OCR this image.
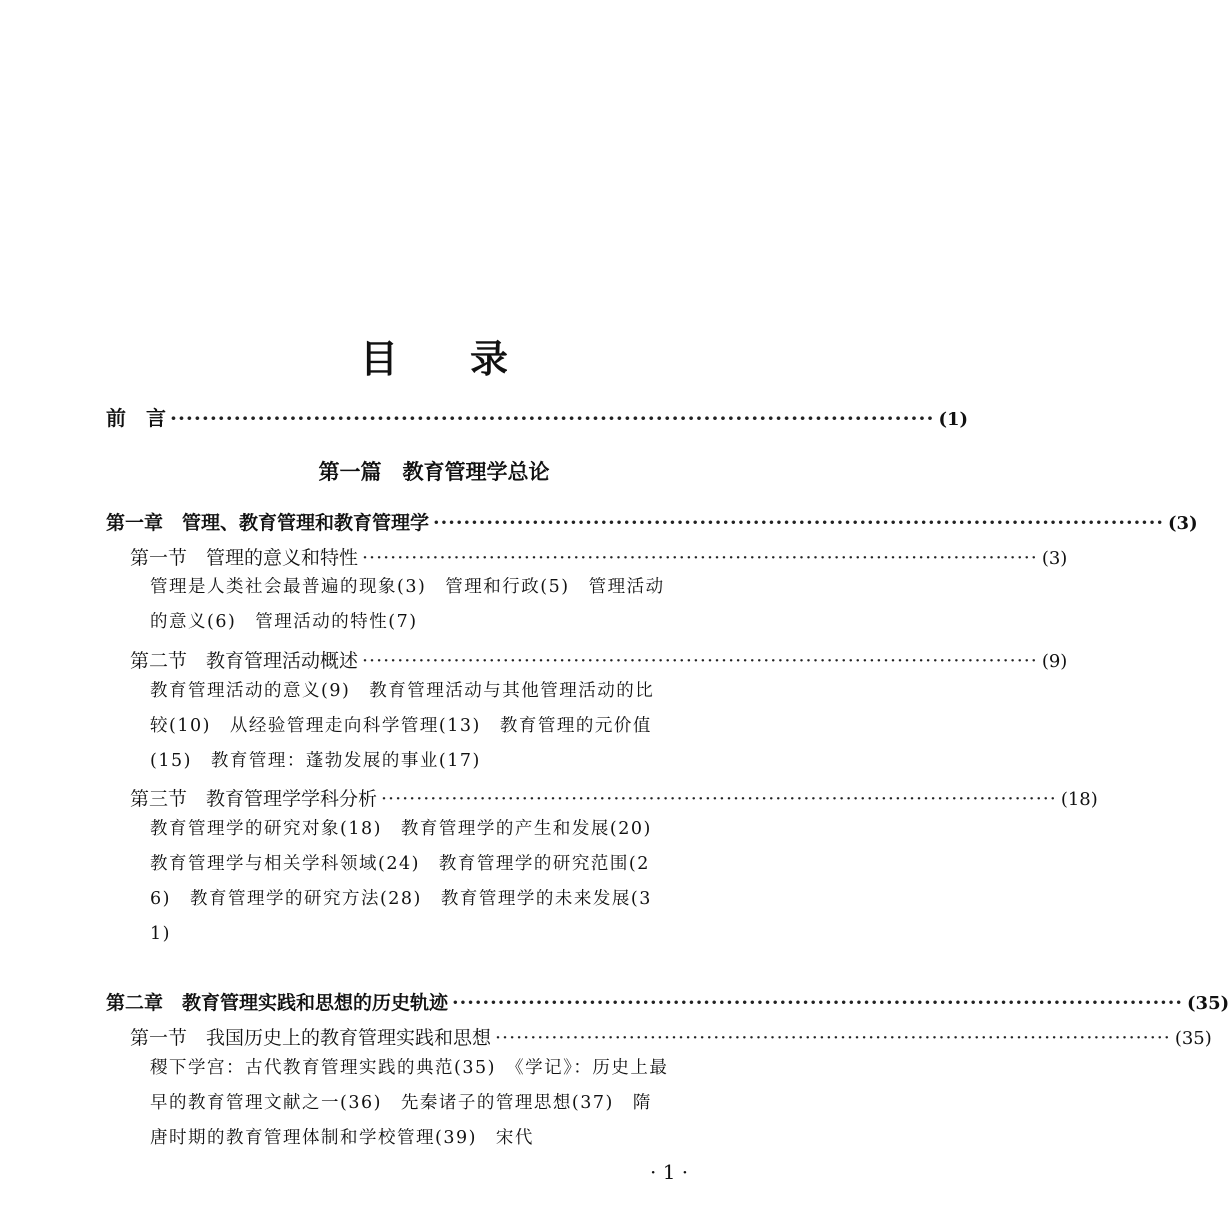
目 录
前　言 ································································································ (1)
第一篇　教育管理学总论
第一章　管理、教育管理和教育管理学 ································································································ (3)
第一节　管理的意义和特性 ································································································ (3)
管理是人类社会最普遍的现象(3)　管理和行政(5)　管理活动的意义(6)　管理活动的特性(7)
第二节　教育管理活动概述 ································································································ (9)
教育管理活动的意义(9)　教育管理活动与其他管理活动的比较(10)　从经验管理走向科学管理(13)　教育管理的元价值(15)　教育管理：蓬勃发展的事业(17)
第三节　教育管理学学科分析 ································································································ (18)
教育管理学的研究对象(18)　教育管理学的产生和发展(20)　教育管理学与相关学科领域(24)　教育管理学的研究范围(26)　教育管理学的研究方法(28)　教育管理学的未来发展(31)
第二章　教育管理实践和思想的历史轨迹 ································································································ (35)
第一节　我国历史上的教育管理实践和思想 ································································································ (35)
稷下学宫：古代教育管理实践的典范(35)　《学记》：历史上最早的教育管理文献之一(36)　先秦诸子的管理思想(37)　隋唐时期的教育管理体制和学校管理(39)　宋代
· 1 ·
